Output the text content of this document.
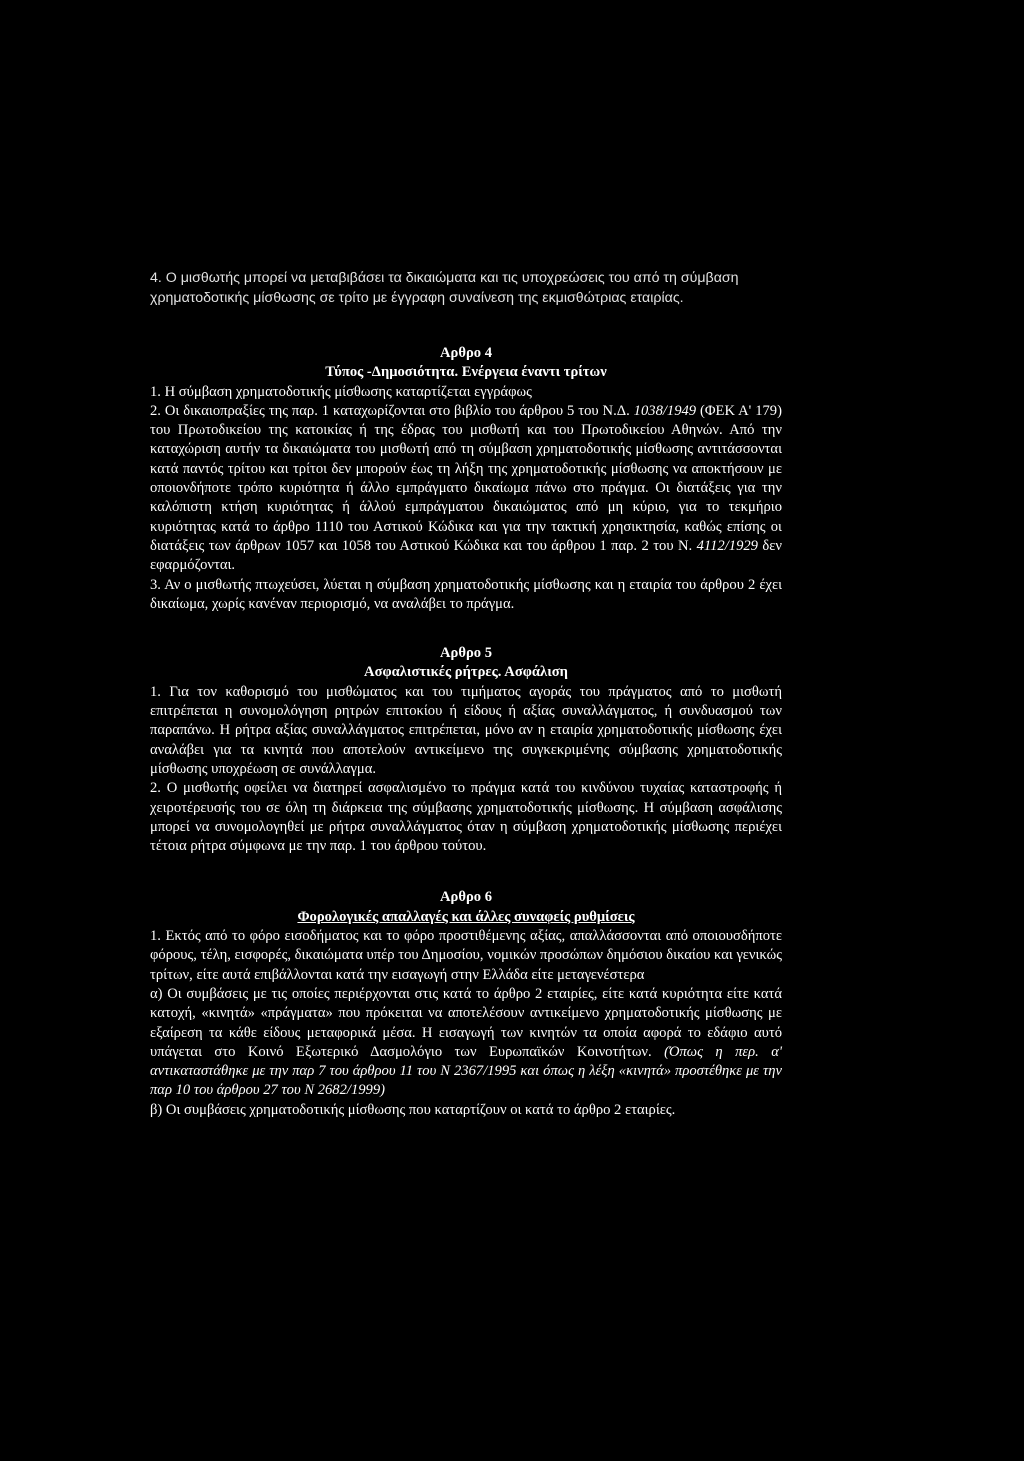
4. Ο μισθωτής μπορεί να μεταβιβάσει τα δικαιώματα και τις υποχρεώσεις του από τη σύμβαση χρηματοδοτικής μίσθωσης σε τρίτο με έγγραφη συναίνεση της εκμισθώτριας εταιρίας.

Αρθρο 4

Τύπος -Δημοσιότητα. Ενέργεια έναντι τρίτων

1. Η σύμβαση χρηματοδοτικής μίσθωσης καταρτίζεται εγγράφως

2. Οι δικαιοπραξίες της παρ. 1 καταχωρίζονται στο βιβλίο του άρθρου 5 του Ν.Δ. 1038/1949 (ΦΕΚ Α' 179) του Πρωτοδικείου της κατοικίας ή της έδρας του μισθωτή και του Πρωτοδικείου Αθηνών. Από την καταχώριση αυτήν τα δικαιώματα του μισθωτή από τη σύμβαση χρηματοδοτικής μίσθωσης αντιτάσσονται κατά παντός τρίτου και τρίτοι δεν μπορούν έως τη λήξη της χρηματοδοτικής μίσθωσης να αποκτήσουν με οποιονδήποτε τρόπο κυριότητα ή άλλο εμπράγματο δικαίωμα πάνω στο πράγμα. Οι διατάξεις για την καλόπιστη κτήση κυριότητας ή άλλού εμπράγματου δικαιώματος από μη κύριο, για το τεκμήριο κυριότητας κατά το άρθρο 1110 του Αστικού Κώδικα και για την τακτική χρησικτησία, καθώς επίσης οι διατάξεις των άρθρων 1057 και 1058 του Αστικού Κώδικα και του άρθρου 1 παρ. 2 του Ν. 4112/1929 δεν εφαρμόζονται.

3. Αν ο μισθωτής πτωχεύσει, λύεται η σύμβαση χρηματοδοτικής μίσθωσης και η εταιρία του άρθρου 2 έχει δικαίωμα, χωρίς κανέναν περιορισμό, να αναλάβει το πράγμα.

Αρθρο 5

Ασφαλιστικές ρήτρες. Ασφάλιση

1. Για τον καθορισμό του μισθώματος και του τιμήματος αγοράς του πράγματος από το μισθωτή επιτρέπεται η συνομολόγηση ρητρών επιτοκίου ή είδους ή αξίας συναλλάγματος, ή συνδυασμού των παραπάνω. Η ρήτρα αξίας συναλλάγματος επιτρέπεται, μόνο αν η εταιρία χρηματοδοτικής μίσθωσης έχει αναλάβει για τα κινητά που αποτελούν αντικείμενο της συγκεκριμένης σύμβασης χρηματοδοτικής μίσθωσης υποχρέωση σε συνάλλαγμα.

2. Ο μισθωτής οφείλει να διατηρεί ασφαλισμένο το πράγμα κατά του κινδύνου τυχαίας καταστροφής ή χειροτέρευσής του σε όλη τη διάρκεια της σύμβασης χρηματοδοτικής μίσθωσης. Η σύμβαση ασφάλισης μπορεί να συνομολογηθεί με ρήτρα συναλλάγματος όταν η σύμβαση χρηματοδοτικής μίσθωσης περιέχει τέτοια ρήτρα σύμφωνα με την παρ. 1 του άρθρου τούτου.

Αρθρο 6

Φορολογικές απαλλαγές και άλλες συναφείς ρυθμίσεις

1. Εκτός από το φόρο εισοδήματος και το φόρο προστιθέμενης αξίας, απαλλάσσονται από οποιουσδήποτε φόρους, τέλη, εισφορές, δικαιώματα υπέρ του Δημοσίου, νομικών προσώπων δημόσιου δικαίου και γενικώς τρίτων, είτε αυτά επιβάλλονται κατά την εισαγωγή στην Ελλάδα είτε μεταγενέστερα

α) Οι συμβάσεις με τις οποίες περιέρχονται στις κατά το άρθρο 2 εταιρίες, είτε κατά κυριότητα είτε κατά κατοχή, «κινητά» «πράγματα» που πρόκειται να αποτελέσουν αντικείμενο χρηματοδοτικής μίσθωσης με εξαίρεση τα κάθε είδους μεταφορικά μέσα. Η εισαγωγή των κινητών τα οποία αφορά το εδάφιο αυτό υπάγεται στο Κοινό Εξωτερικό Δασμολόγιο των Ευρωπαϊκών Κοινοτήτων. (Όπως η περ. α' αντικαταστάθηκε με την παρ 7 του άρθρου 11 του Ν 2367/1995 και όπως η λέξη «κινητά» προστέθηκε με την παρ 10 του άρθρου 27 του Ν 2682/1999)

β) Οι συμβάσεις χρηματοδοτικής μίσθωσης που καταρτίζουν οι κατά το άρθρο 2 εταιρίες.
